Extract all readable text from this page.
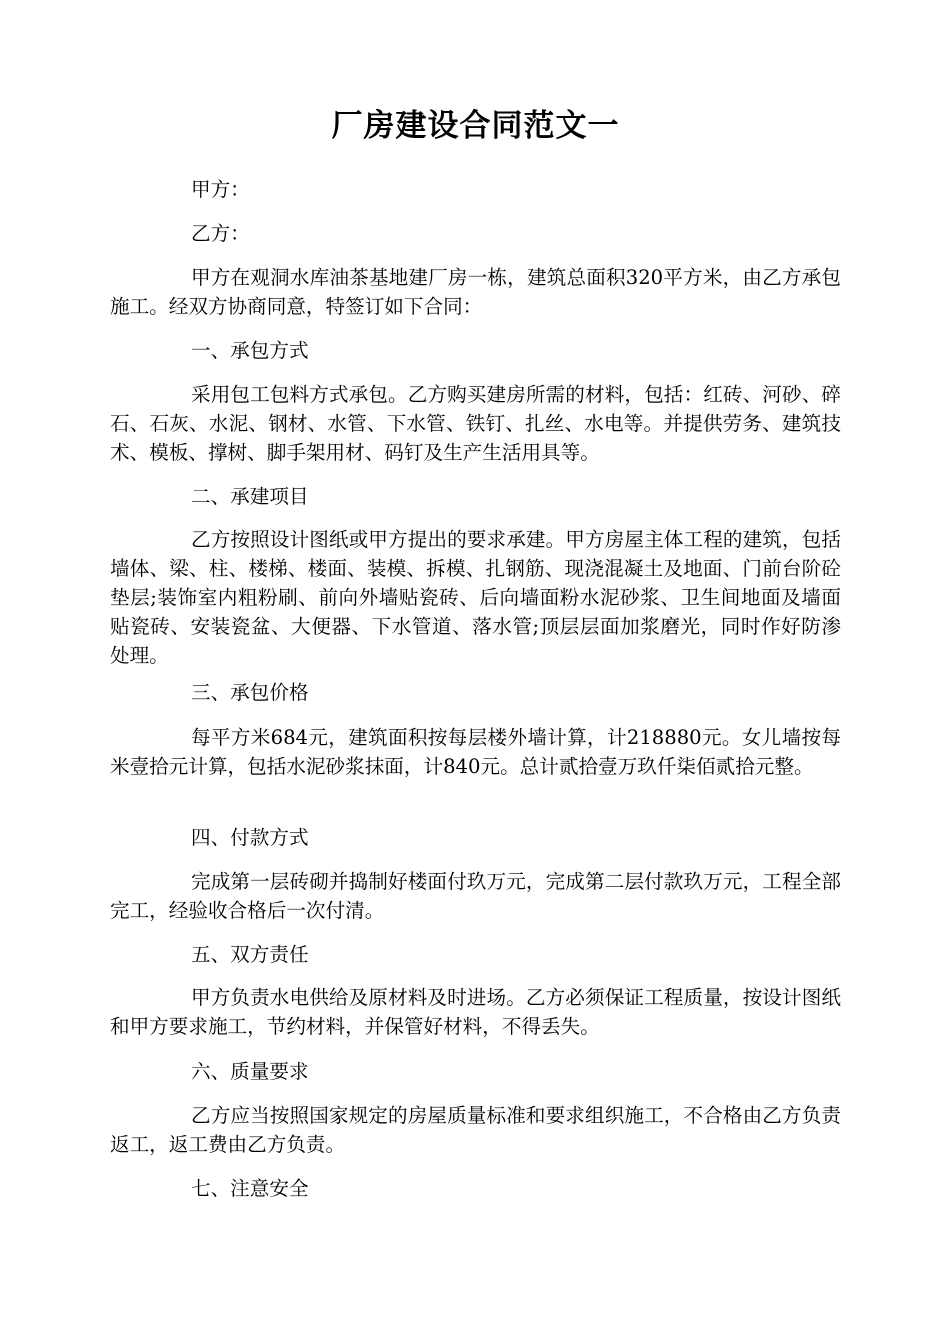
厂房建设合同范文一

甲方：

乙方：

甲方在观洞水库油茶基地建厂房一栋，建筑总面积320平方米，由乙方承包施工。经双方协商同意，特签订如下合同：

一、承包方式

采用包工包料方式承包。乙方购买建房所需的材料，包括：红砖、河砂、碎石、石灰、水泥、钢材、水管、下水管、铁钉、扎丝、水电等。并提供劳务、建筑技术、模板、撑树、脚手架用材、码钉及生产生活用具等。

二、承建项目

乙方按照设计图纸或甲方提出的要求承建。甲方房屋主体工程的建筑，包括墙体、梁、柱、楼梯、楼面、装模、拆模、扎钢筋、现浇混凝土及地面、门前台阶砼垫层;装饰室内粗粉刷、前向外墙贴瓷砖、后向墙面粉水泥砂浆、卫生间地面及墙面贴瓷砖、安装瓷盆、大便器、下水管道、落水管;顶层层面加浆磨光，同时作好防渗处理。

三、承包价格

每平方米684元，建筑面积按每层楼外墙计算，计218880元。女儿墙按每米壹拾元计算，包括水泥砂浆抹面，计840元。总计贰拾壹万玖仟柒佰贰拾元整。

四、付款方式

完成第一层砖砌并捣制好楼面付玖万元，完成第二层付款玖万元，工程全部完工，经验收合格后一次付清。

五、双方责任

甲方负责水电供给及原材料及时进场。乙方必须保证工程质量，按设计图纸和甲方要求施工，节约材料，并保管好材料，不得丢失。

六、质量要求

乙方应当按照国家规定的房屋质量标准和要求组织施工，不合格由乙方负责返工，返工费由乙方负责。

七、注意安全
